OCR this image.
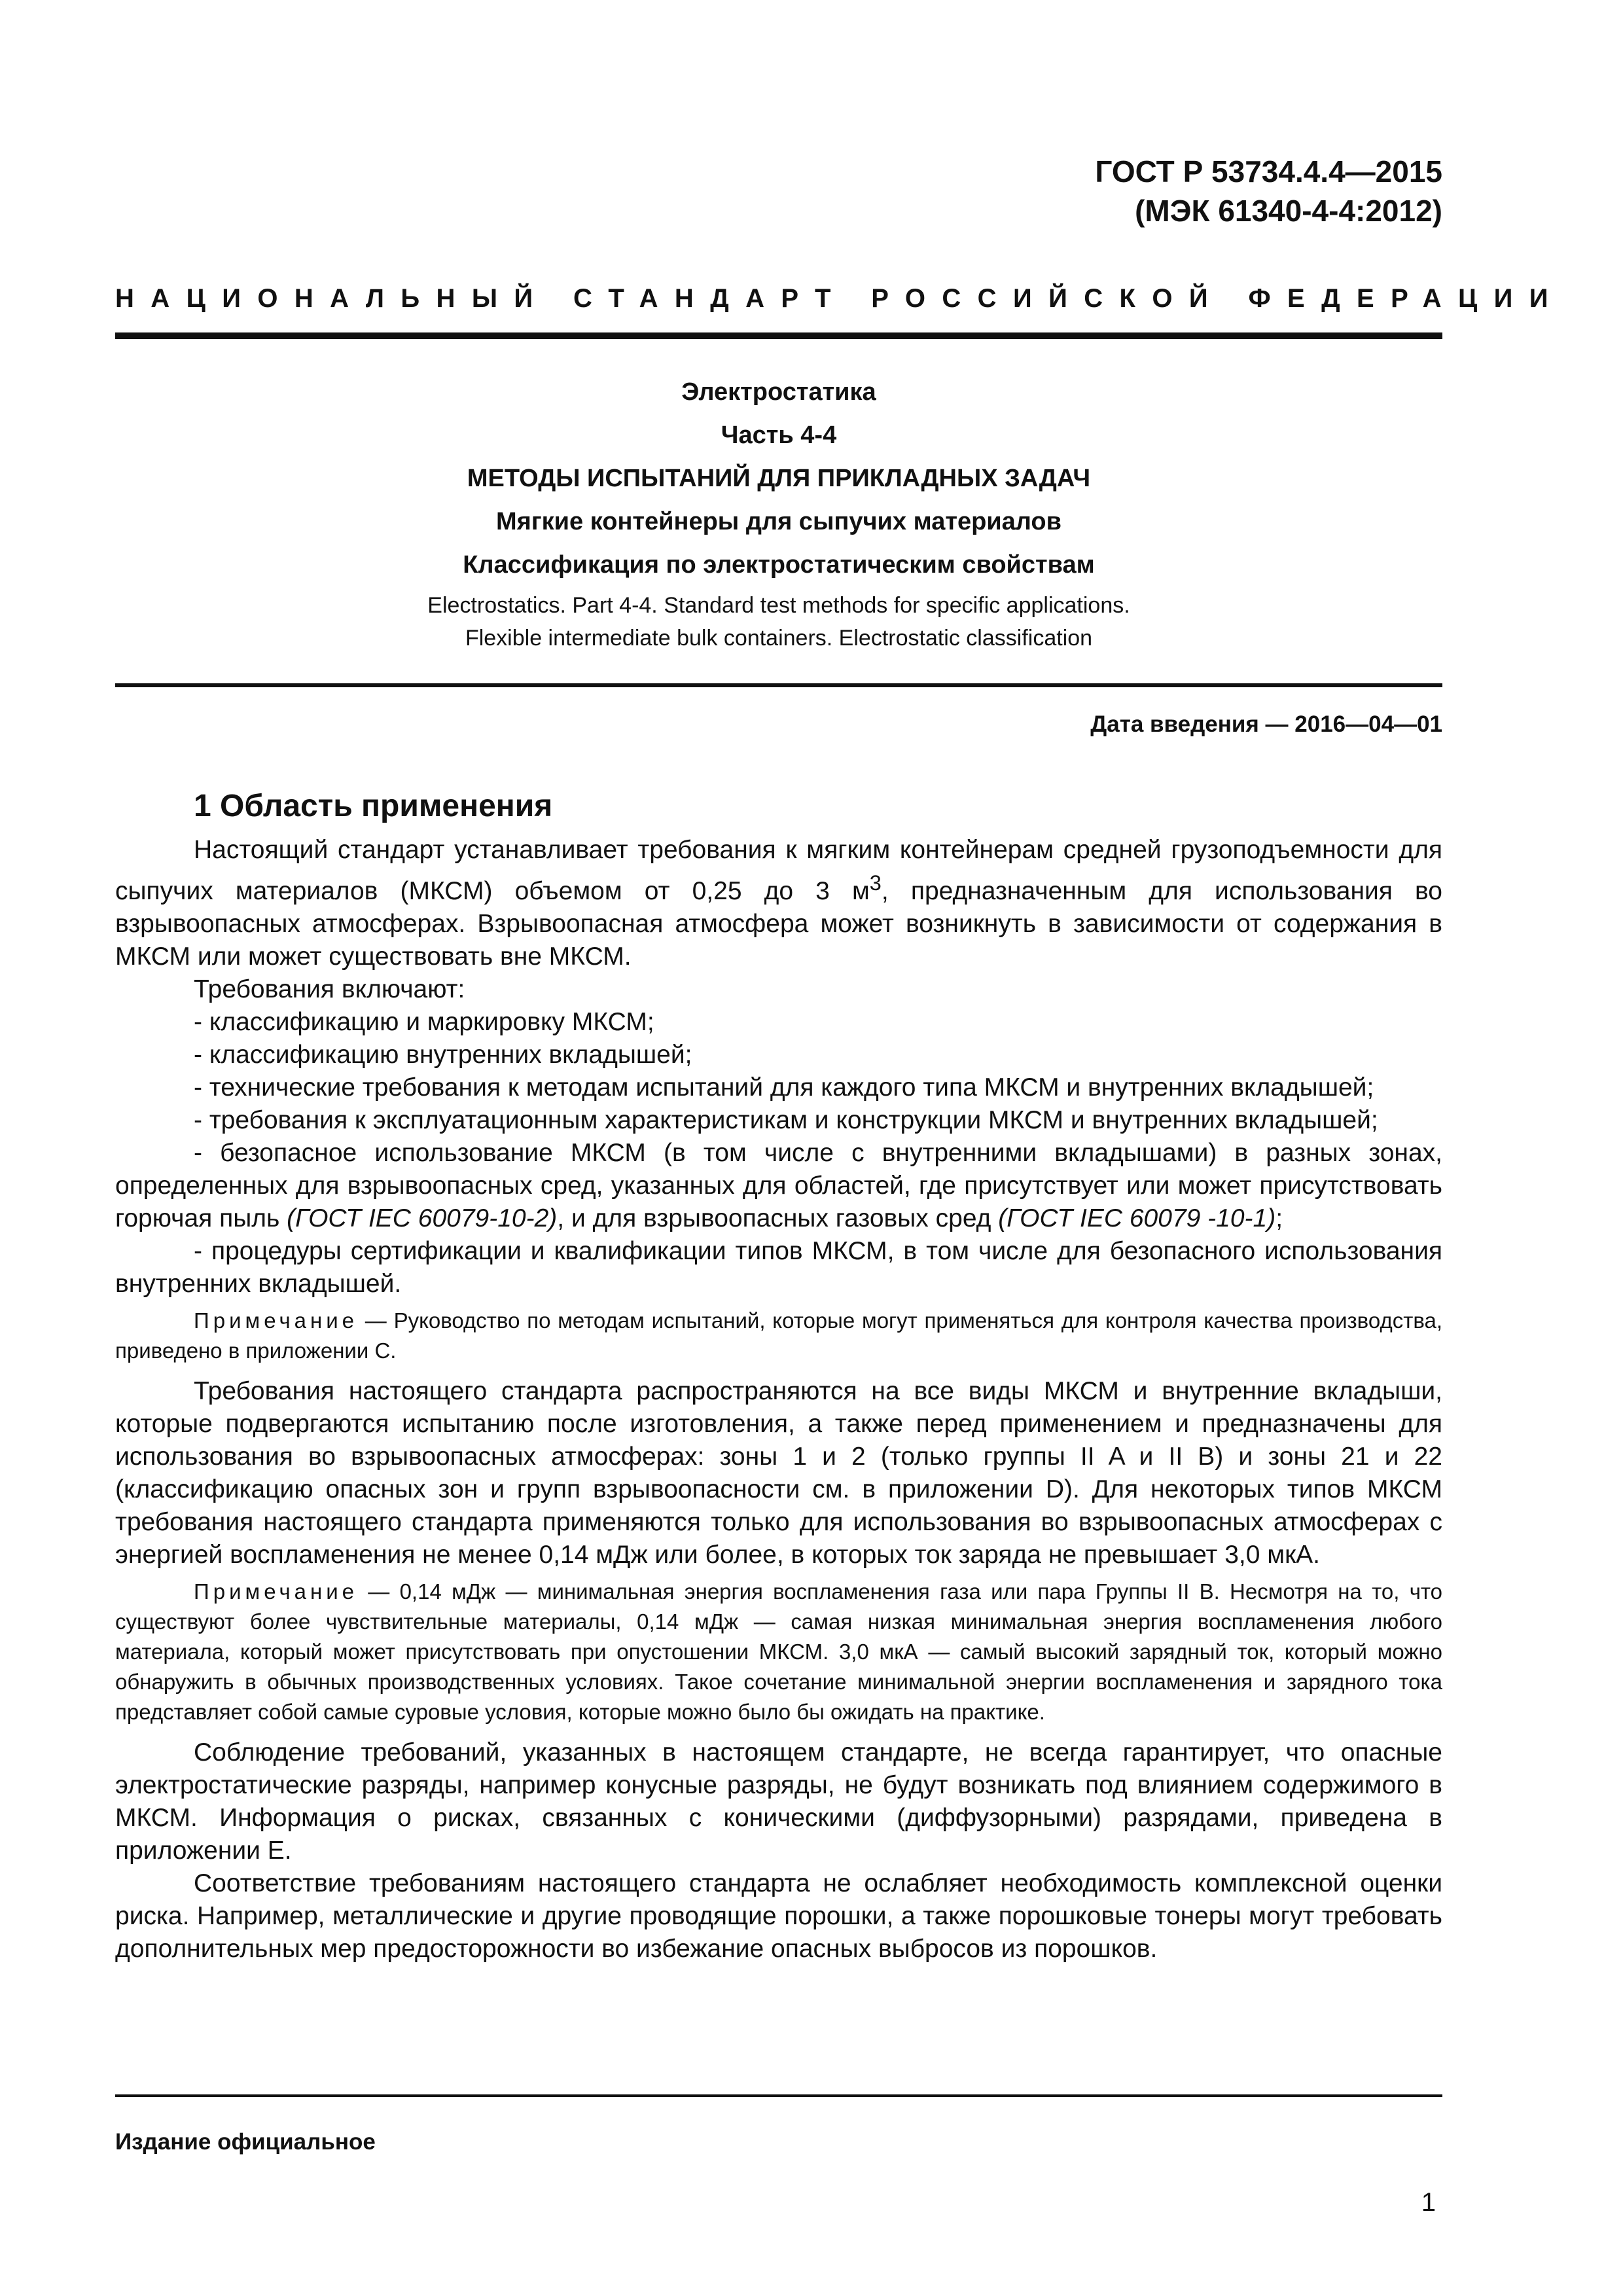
ГОСТ Р 53734.4.4—2015
(МЭК 61340-4-4:2012)
НАЦИОНАЛЬНЫЙ СТАНДАРТ РОССИЙСКОЙ ФЕДЕРАЦИИ
Электростатика
Часть 4-4
МЕТОДЫ ИСПЫТАНИЙ ДЛЯ ПРИКЛАДНЫХ ЗАДАЧ
Мягкие контейнеры для сыпучих материалов
Классификация по электростатическим свойствам
Electrostatics. Part 4-4. Standard test methods for specific applications.
Flexible intermediate bulk containers. Electrostatic classification
Дата введения — 2016—04—01
1 Область применения

Настоящий стандарт устанавливает требования к мягким контейнерам средней грузоподъемности для сыпучих материалов (МКСМ) объемом от 0,25 до 3 $м^3$, предназначенным для использования во взрывоопасных атмосферах. Взрывоопасная атмосфера может возникнуть в зависимости от содержания в МКСМ или может существовать вне МКСМ.

Требования включают:

- классификацию и маркировку МКСМ;

- классификацию внутренних вкладышей;

- технические требования к методам испытаний для каждого типа МКСМ и внутренних вкладышей;

- требования к эксплуатационным характеристикам и конструкции МКСМ и внутренних вкладышей;

- безопасное использование МКСМ (в том числе с внутренними вкладышами) в разных зонах, определенных для взрывоопасных сред, указанных для областей, где присутствует или может присутствовать горючая пыль (ГОСТ IEC 60079-10-2), и для взрывоопасных газовых сред (ГОСТ IEC 60079 -10-1);

- процедуры сертификации и квалификации типов МКСМ, в том числе для безопасного использования внутренних вкладышей.

Примечание — Руководство по методам испытаний, которые могут применяться для контроля качества производства, приведено в приложении С.

Требования настоящего стандарта распространяются на все виды МКСМ и внутренние вкладыши, которые подвергаются испытанию после изготовления, а также перед применением и предназначены для использования во взрывоопасных атмосферах: зоны 1 и 2 (только группы II A и II B) и зоны 21 и 22 (классификацию опасных зон и групп взрывоопасности см. в приложении D). Для некоторых типов МКСМ требования настоящего стандарта применяются только для использования во взрывоопасных атмосферах с энергией воспламенения не менее 0,14 мДж или более, в которых ток заряда не превышает 3,0 мкА.

Примечание — 0,14 мДж — минимальная энергия воспламенения газа или пара Группы II B. Несмотря на то, что существуют более чувствительные материалы, 0,14 мДж — самая низкая минимальная энергия воспламенения любого материала, который может присутствовать при опустошении МКСМ. 3,0 мкА — самый высокий зарядный ток, который можно обнаружить в обычных производственных условиях. Такое сочетание минимальной энергии воспламенения и зарядного тока представляет собой самые суровые условия, которые можно было бы ожидать на практике.

Соблюдение требований, указанных в настоящем стандарте, не всегда гарантирует, что опасные электростатические разряды, например конусные разряды, не будут возникать под влиянием содержимого в МКСМ. Информация о рисках, связанных с коническими (диффузорными) разрядами, приведена в приложении Е.

Соответствие требованиям настоящего стандарта не ослабляет необходимость комплексной оценки риска. Например, металлические и другие проводящие порошки, а также порошковые тонеры могут требовать дополнительных мер предосторожности во избежание опасных выбросов из порошков.

Издание официальное
1
